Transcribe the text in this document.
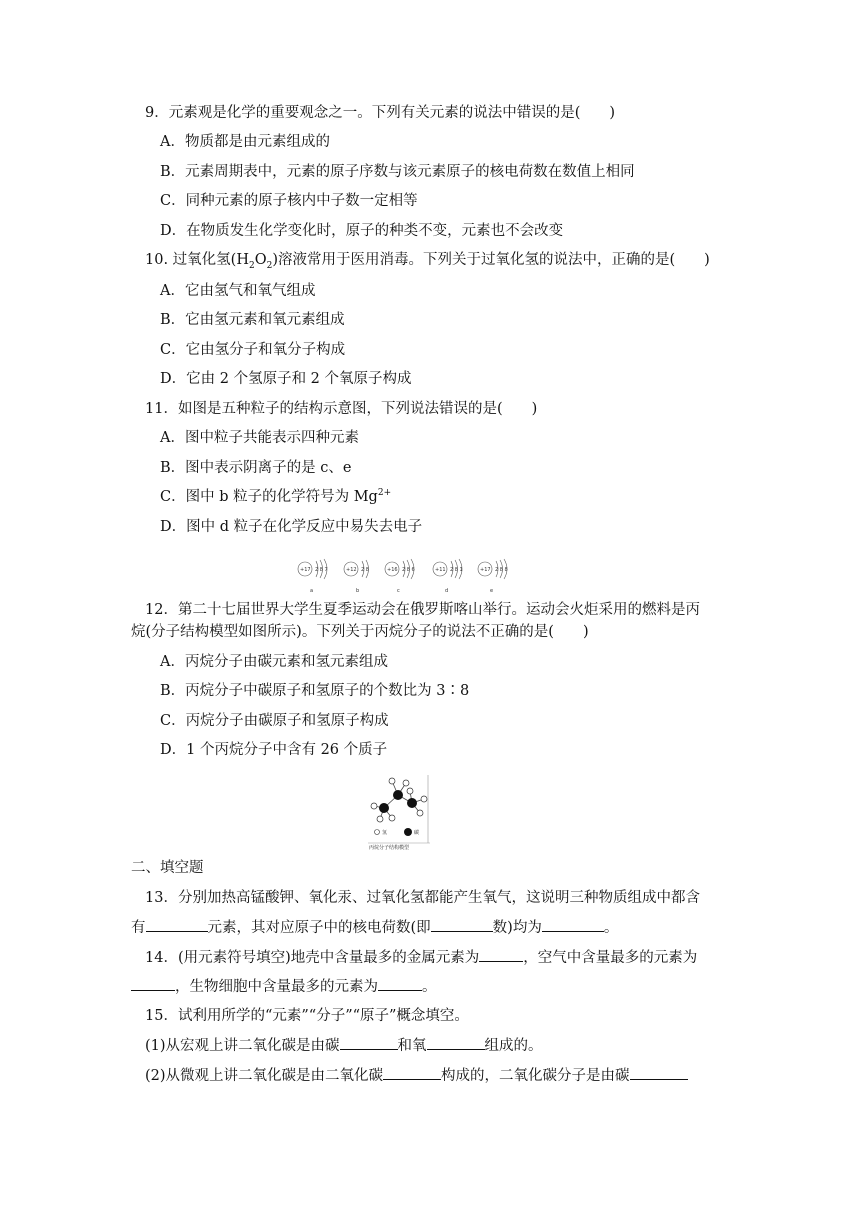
9．元素观是化学的重要观念之一。下列有关元素的说法中错误的是(　　)
A．物质都是由元素组成的
B．元素周期表中，元素的原子序数与该元素原子的核电荷数在数值上相同
C．同种元素的原子核内中子数一定相等
D．在物质发生化学变化时，原子的种类不变，元素也不会改变
10. 过氧化氢$(H_2O_2)$溶液常用于医用消毒。下列关于过氧化氢的说法中，正确的是(　　)
A．它由氢气和氧气组成
B．它由氢元素和氧元素组成
C．它由氢分子和氧分子构成
D．它由 2 个氢原子和 2 个氧原子构成
11．如图是五种粒子的结构示意图，下列说法错误的是(　　)
A．图中粒子共能表示四种元素
B．图中表示阴离子的是 c、e
C．图中 b 粒子的化学符号为 $Mg^{2+}$
D．图中 d 粒子在化学反应中易失去电子
+17 2 8 7
a
+12 2 8
b
+16 2 8 6
c
+11 2 8 1
d
+17 2 8 8
e
12．第二十七届世界大学生夏季运动会在俄罗斯喀山举行。运动会火炬采用的燃料是丙
烷(分子结构模型如图所示)。下列关于丙烷分子的说法不正确的是(　　)
A．丙烷分子由碳元素和氢元素组成
B．丙烷分子中碳原子和氢原子的个数比为 3∶8
C．丙烷分子由碳原子和氢原子构成
D．1 个丙烷分子中含有 26 个质子
氢	碳
丙烷分子结构模型
二、填空题
13．分别加热高锰酸钾、氧化汞、过氧化氢都能产生氧气，这说明三种物质组成中都含
有	元素，其对应原子中的核电荷数(即	数)均为	。
14．(用元素符号填空)地壳中含量最多的金属元素为	，空气中含量最多的元素为
，生物细胞中含量最多的元素为	。
15．试利用所学的“元素”“分子”“原子”概念填空。
(1)从宏观上讲二氧化碳是由碳	和氧	组成的。
(2)从微观上讲二氧化碳是由二氧化碳	构成的，二氧化碳分子是由碳
